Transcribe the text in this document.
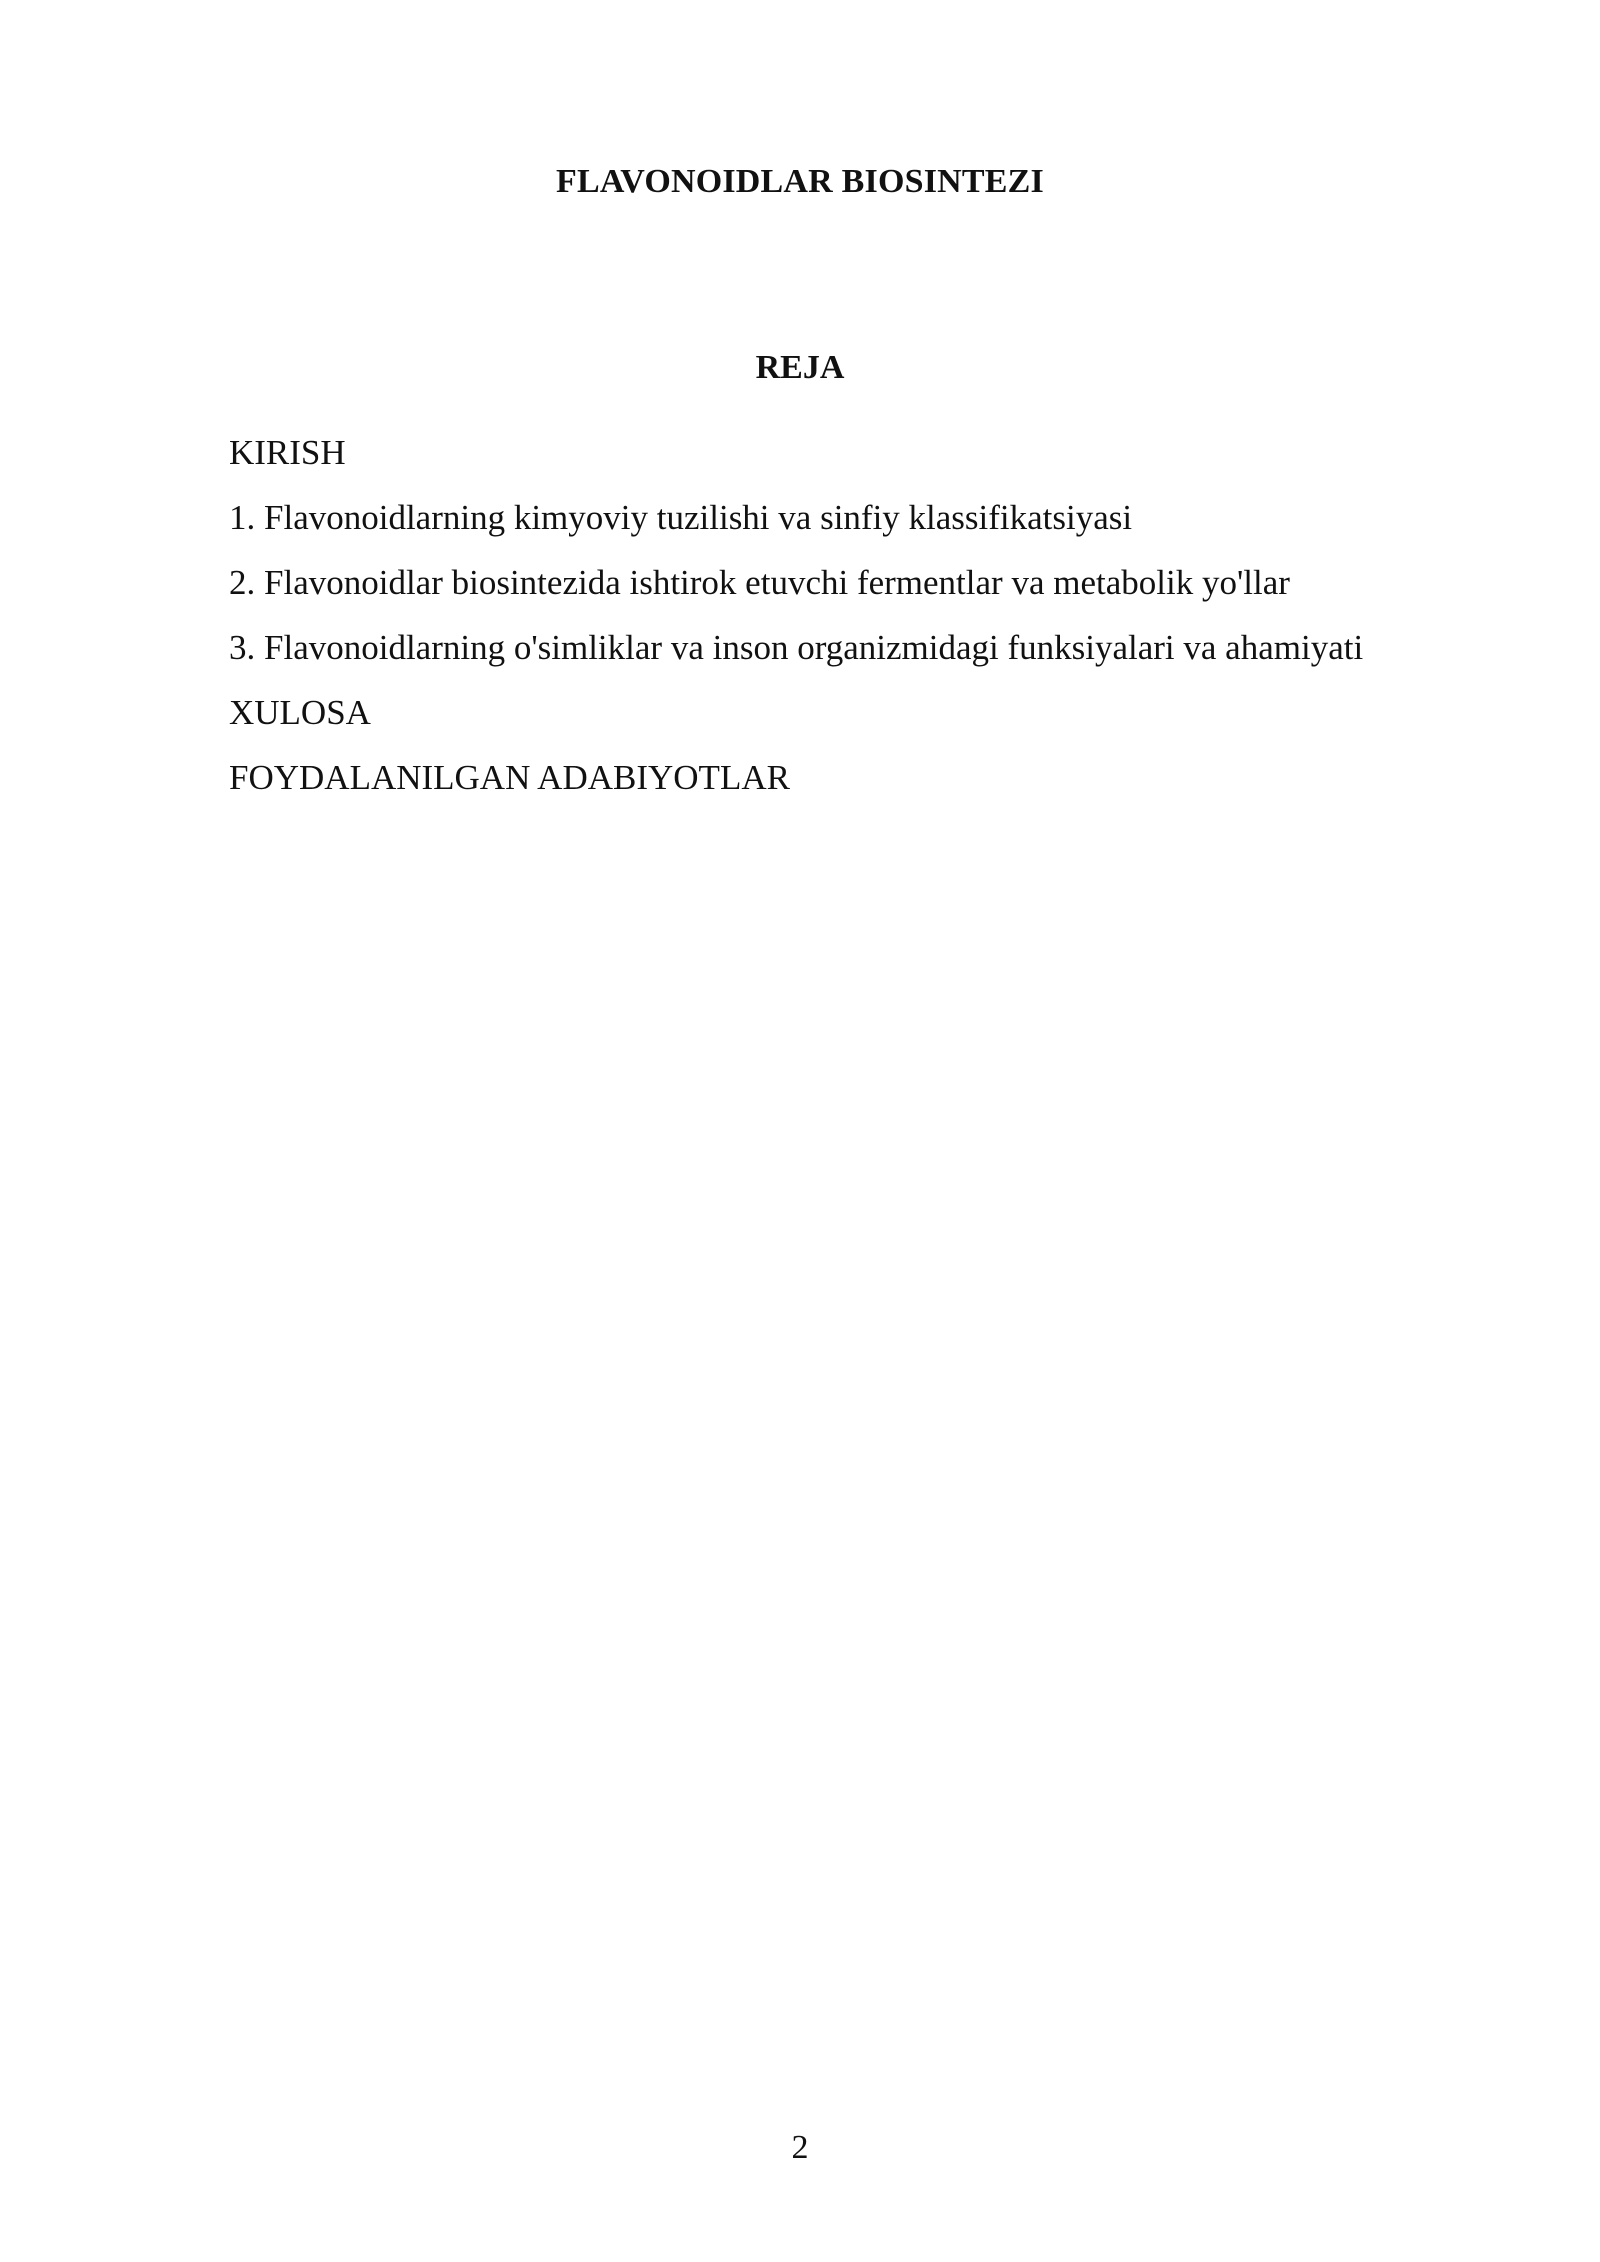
FLAVONOIDLAR BIOSINTEZI
REJA
KIRISH
1. Flavonoidlarning kimyoviy tuzilishi va sinfiy klassifikatsiyasi
2. Flavonoidlar biosintezida ishtirok etuvchi fermentlar va metabolik yo'llar
3. Flavonoidlarning o'simliklar va inson organizmidagi funksiyalari va ahamiyati
XULOSA
FOYDALANILGAN ADABIYOTLAR
2
